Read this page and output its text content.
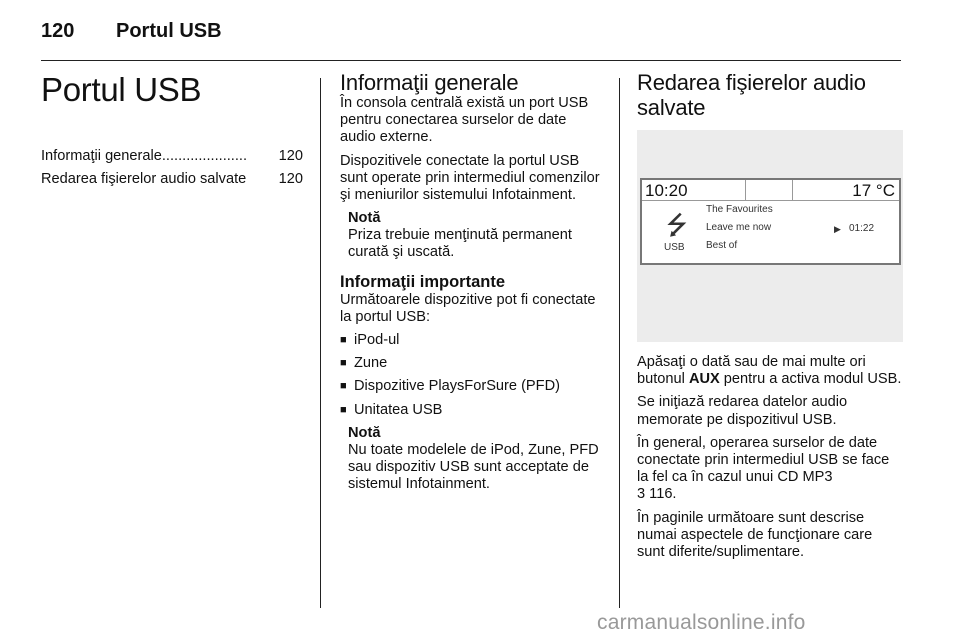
120 Portul USB
Portul USB
Informaţii generale .....................	120
Redarea fişierelor audio salvate 120
Informaţii generale

În consola centrală există un port USB pentru conectarea surselor de date audio externe.

Dispozitivele conectate la portul USB sunt operate prin intermediul comenzilor şi meniurilor sistemului Infotainment.

Notă

Priza trebuie menţinută permanent curată şi uscată.

Informaţii importante

Următoarele dispozitive pot fi conectate la portul USB:

■ iPod-ul
■ Zune
■ Dispozitive PlaysForSure (PFD)
■ Unitatea USB
Notă

Nu toate modelele de iPod, Zune, PFD sau dispozitiv USB sunt acceptate de sistemul Infotainment.

Redarea fişierelor audio salvate
10:20	17 °C
⭍
USB
The Favourites
Leave me now
Best of
▶ 01:22

Apăsaţi o dată sau de mai multe ori butonul AUX pentru a activa modul USB.

Se iniţiază redarea datelor audio memorate pe dispozitivul USB.

În general, operarea surselor de date conectate prin intermediul USB se face la fel ca în cazul unui CD MP3
3 116.

În paginile următoare sunt descrise numai aspectele de funcţionare care sunt diferite/suplimentare.

carmanualsonline.info
